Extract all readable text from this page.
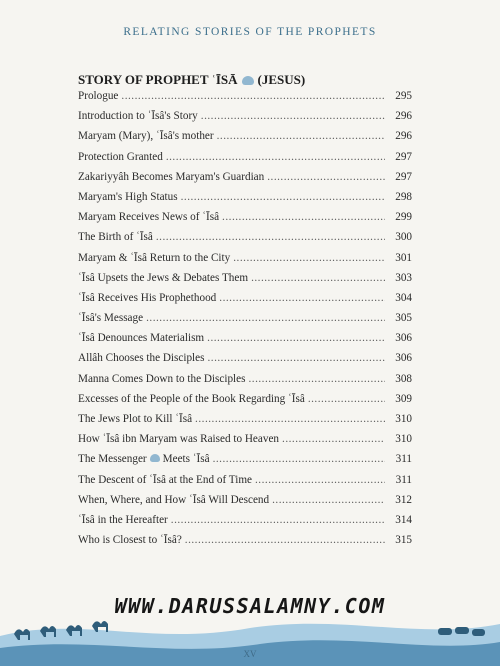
RELATING STORIES OF THE PROPHETS
STORY OF PROPHET ʿĪSĀ (JESUS)
Prologue .....	295
Introduction to ʿĪsâ's Story .....	296
Maryam (Mary), ʿĪsâ's mother .....	296
Protection Granted .....	297
Zakariyyâh Becomes Maryam's Guardian .....	297
Maryam's High Status .....	298
Maryam Receives News of ʿĪsâ .....	299
The Birth of ʿĪsâ .....	300
Maryam & ʿĪsâ Return to the City .....	301
ʿĪsâ Upsets the Jews & Debates Them .....	303
ʿĪsâ Receives His Prophethood .....	304
ʿĪsâ's Message .....	305
ʿĪsâ Denounces Materialism .....	306
Allâh Chooses the Disciples .....	306
Manna Comes Down to the Disciples .....	308
Excesses of the People of the Book Regarding ʿĪsâ .....	309
The Jews Plot to Kill ʿĪsâ .....	310
How ʿĪsâ ibn Maryam was Raised to Heaven .....	310
The Messenger Meets ʿĪsâ .....	311
The Descent of ʿĪsâ at the End of Time .....	311
When, Where, and How ʿĪsâ Will Descend .....	312
ʿĪsâ in the Hereafter .....	314
Who is Closest to ʿĪsâ? .....	315
WWW.DARUSSALAMNY.COM
XV
